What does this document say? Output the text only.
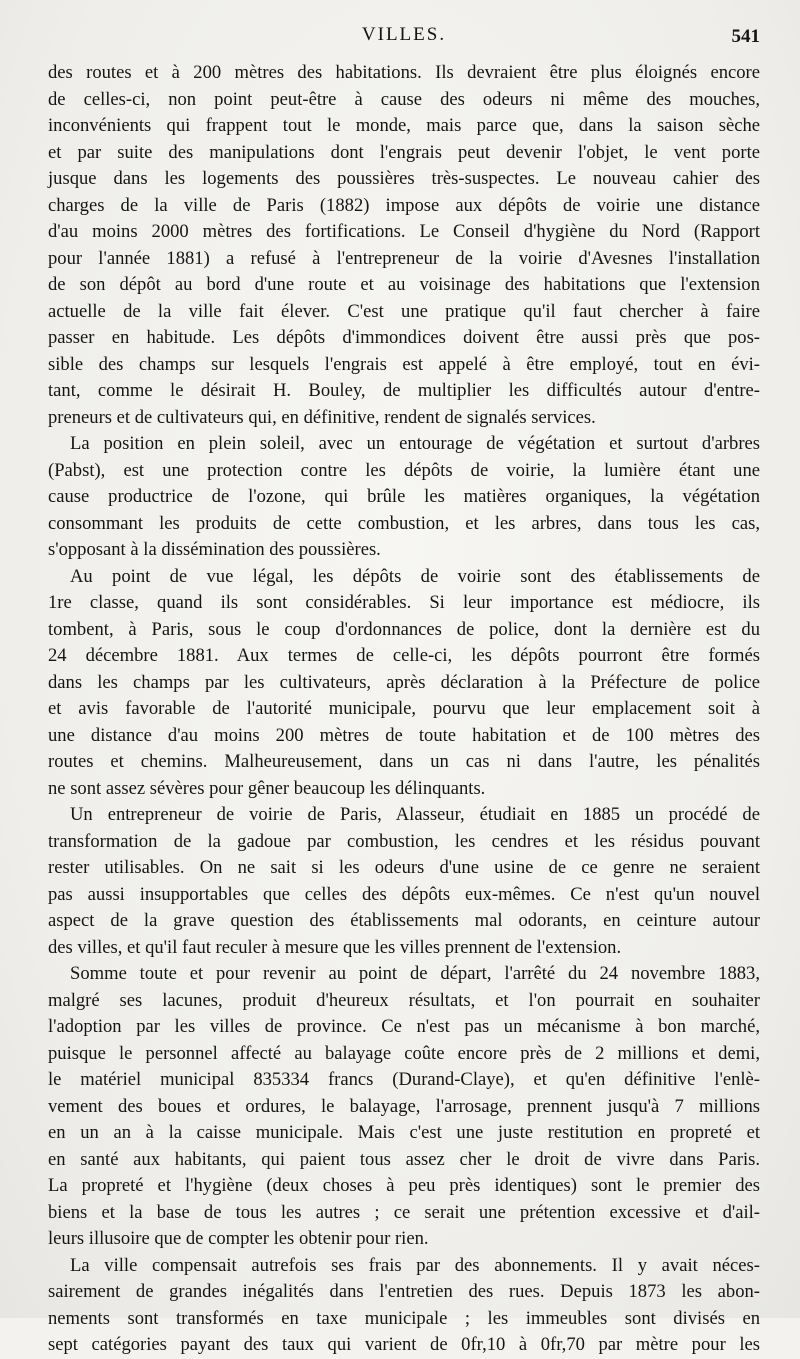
VILLES.	541
des routes et à 200 mètres des habitations. Ils devraient être plus éloignés encore
de celles-ci, non point peut-être à cause des odeurs ni même des mouches,
inconvénients qui frappent tout le monde, mais parce que, dans la saison sèche
et par suite des manipulations dont l'engrais peut devenir l'objet, le vent porte
jusque dans les logements des poussières très-suspectes. Le nouveau cahier des
charges de la ville de Paris (1882) impose aux dépôts de voirie une distance
d'au moins 2000 mètres des fortifications. Le Conseil d'hygiène du Nord (Rapport
pour l'année 1881) a refusé à l'entrepreneur de la voirie d'Avesnes l'installation
de son dépôt au bord d'une route et au voisinage des habitations que l'extension
actuelle de la ville fait élever. C'est une pratique qu'il faut chercher à faire
passer en habitude. Les dépôts d'immondices doivent être aussi près que pos-
sible des champs sur lesquels l'engrais est appelé à être employé, tout en évi-
tant, comme le désirait H. Bouley, de multiplier les difficultés autour d'entre-
preneurs et de cultivateurs qui, en définitive, rendent de signalés services.
La position en plein soleil, avec un entourage de végétation et surtout d'arbres
(Pabst), est une protection contre les dépôts de voirie, la lumière étant une
cause productrice de l'ozone, qui brûle les matières organiques, la végétation
consommant les produits de cette combustion, et les arbres, dans tous les cas,
s'opposant à la dissémination des poussières.
Au point de vue légal, les dépôts de voirie sont des établissements de
1re classe, quand ils sont considérables. Si leur importance est médiocre, ils
tombent, à Paris, sous le coup d'ordonnances de police, dont la dernière est du
24 décembre 1881. Aux termes de celle-ci, les dépôts pourront être formés
dans les champs par les cultivateurs, après déclaration à la Préfecture de police
et avis favorable de l'autorité municipale, pourvu que leur emplacement soit à
une distance d'au moins 200 mètres de toute habitation et de 100 mètres des
routes et chemins. Malheureusement, dans un cas ni dans l'autre, les pénalités
ne sont assez sévères pour gêner beaucoup les délinquants.
Un entrepreneur de voirie de Paris, Alasseur, étudiait en 1885 un procédé de
transformation de la gadoue par combustion, les cendres et les résidus pouvant
rester utilisables. On ne sait si les odeurs d'une usine de ce genre ne seraient
pas aussi insupportables que celles des dépôts eux-mêmes. Ce n'est qu'un nouvel
aspect de la grave question des établissements mal odorants, en ceinture autour
des villes, et qu'il faut reculer à mesure que les villes prennent de l'extension.
Somme toute et pour revenir au point de départ, l'arrêté du 24 novembre 1883,
malgré ses lacunes, produit d'heureux résultats, et l'on pourrait en souhaiter
l'adoption par les villes de province. Ce n'est pas un mécanisme à bon marché,
puisque le personnel affecté au balayage coûte encore près de 2 millions et demi,
le matériel municipal 835334 francs (Durand-Claye), et qu'en définitive l'enlè-
vement des boues et ordures, le balayage, l'arrosage, prennent jusqu'à 7 millions
en un an à la caisse municipale. Mais c'est une juste restitution en propreté et
en santé aux habitants, qui paient tous assez cher le droit de vivre dans Paris.
La propreté et l'hygiène (deux choses à peu près identiques) sont le premier des
biens et la base de tous les autres ; ce serait une prétention excessive et d'ail-
leurs illusoire que de compter les obtenir pour rien.
La ville compensait autrefois ses frais par des abonnements. Il y avait néces-
sairement de grandes inégalités dans l'entretien des rues. Depuis 1873 les abon-
nements sont transformés en taxe municipale ; les immeubles sont divisés en
sept catégories payant des taux qui varient de 0fr,10 à 0fr,70 par mètre pour les
